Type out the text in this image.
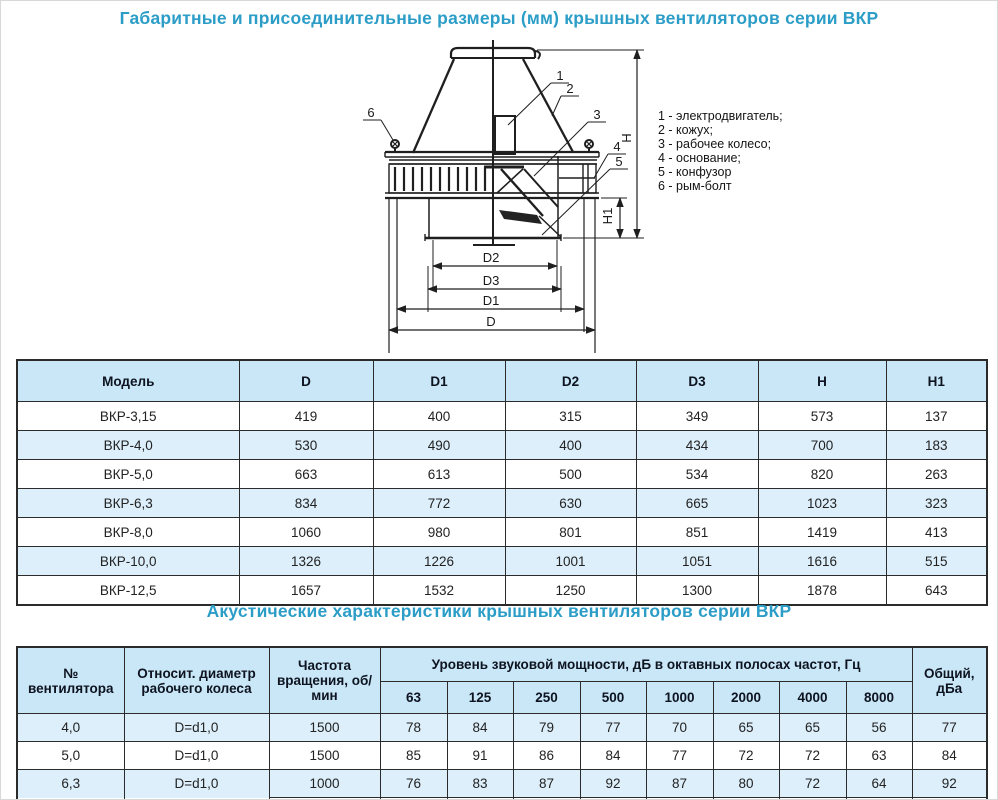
Габаритные и присоединительные размеры (мм) крышных вентиляторов серии ВКР
D2
D3
D1
D
H
H1
1
2
3
4
5
6	1 - электродвигатель;
2 - кожух;
3 - рабочее колесо;
4 - основание;
5 - конфузор
6 - рым-болт
Модель	D	D1	D2	D3	H	H1
ВКР-3,15	419	400	315	349	573	137
ВКР-4,0	530	490	400	434	700	183
ВКР-5,0	663	613	500	534	820	263
ВКР-6,3	834	772	630	665	1023	323
ВКР-8,0	1060	980	801	851	1419	413
ВКР-10,0	1326	1226	1001	1051	1616	515
ВКР-12,5	1657	1532	1250	1300	1878	643
Акустические характеристики крышных вентиляторов серии ВКР
№ вентилятора	Относит. диаметр рабочего колеса	Частота вращения, об/мин	Уровень звуковой мощности, дБ в октавных полосах частот, Гц								Общий, дБа
			63	125	250	500	1000	2000	4000	8000	
4,0	D=d1,0	1500	78	84	79	77	70	65	65	56	77
5,0	D=d1,0	1500	85	91	86	84	77	72	72	63	84
6,3	D=d1,0	1000	76	83	87	92	87	80	72	64	92
